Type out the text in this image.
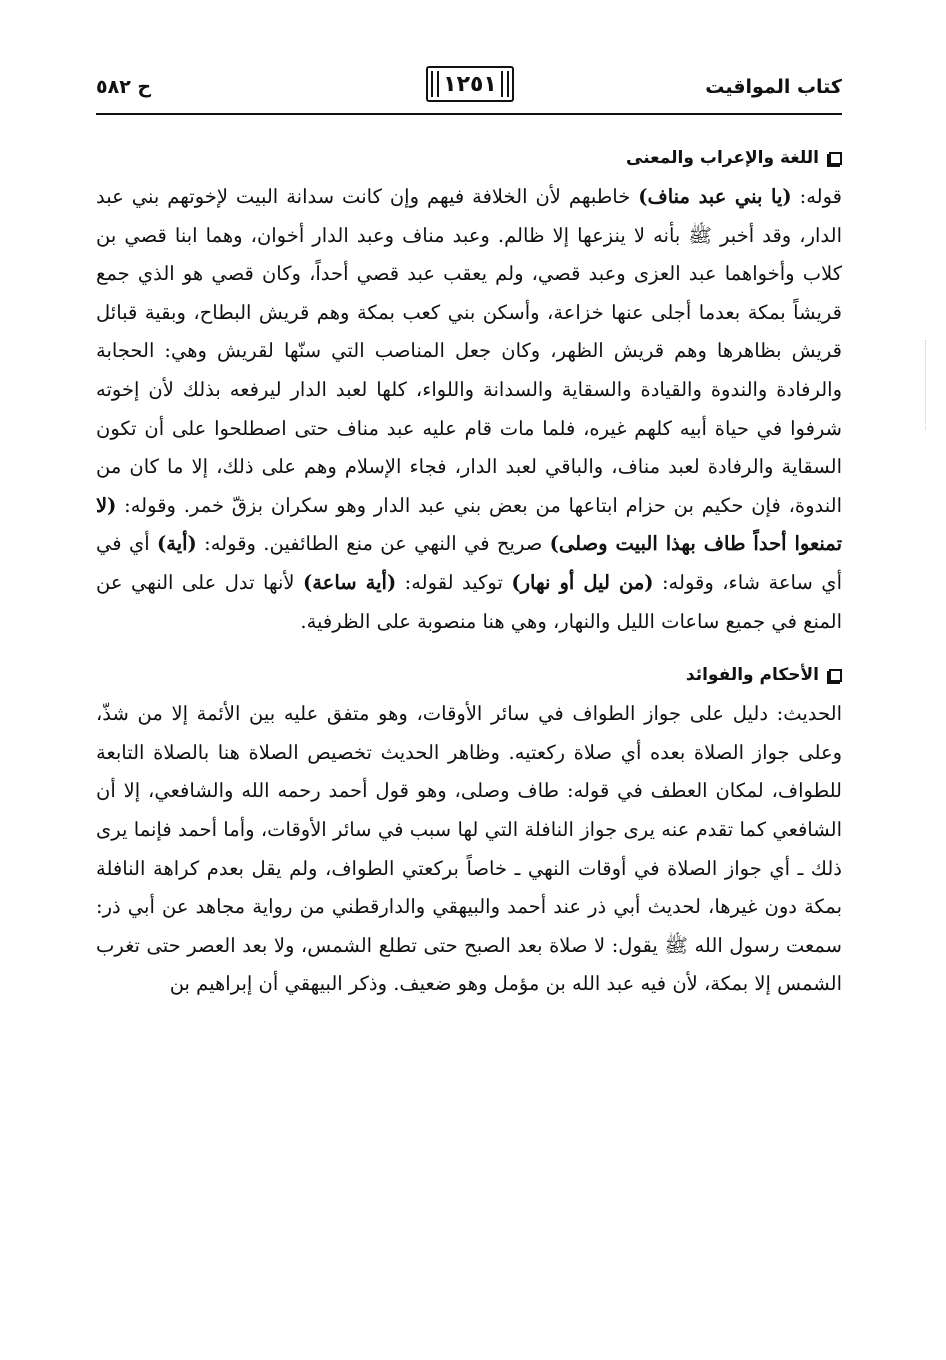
كتاب المواقيت
١٢٥١
ح ٥٨٢
اللغة والإعراب والمعنى

قوله: (يا بني عبد مناف) خاطبهم لأن الخلافة فيهم وإن كانت سدانة البيت لإخوتهم بني عبد الدار، وقد أخبر ﷺ بأنه لا ينزعها إلا ظالم. وعبد مناف وعبد الدار أخوان، وهما ابنا قصي بن كلاب وأخواهما عبد العزى وعبد قصي، ولم يعقب عبد قصي أحداً، وكان قصي هو الذي جمع قريشاً بمكة بعدما أجلى عنها خزاعة، وأسكن بني كعب بمكة وهم قريش البطاح، وبقية قبائل قريش بظاهرها وهم قريش الظهر، وكان جعل المناصب التي سنّها لقريش وهي: الحجابة والرفادة والندوة والقيادة والسقاية والسدانة واللواء، كلها لعبد الدار ليرفعه بذلك لأن إخوته شرفوا في حياة أبيه كلهم غيره، فلما مات قام عليه عبد مناف حتى اصطلحوا على أن تكون السقاية والرفادة لعبد مناف، والباقي لعبد الدار، فجاء الإسلام وهم على ذلك، إلا ما كان من الندوة، فإن حكيم بن حزام ابتاعها من بعض بني عبد الدار وهو سكران بزقّ خمر. وقوله: (لا تمنعوا أحداً طاف بهذا البيت وصلى) صريح في النهي عن منع الطائفين. وقوله: (أية) أي في أي ساعة شاء، وقوله: (من ليل أو نهار) توكيد لقوله: (أية ساعة) لأنها تدل على النهي عن المنع في جميع ساعات الليل والنهار، وهي هنا منصوبة على الظرفية.

الأحكام والفوائد

الحديث: دليل على جواز الطواف في سائر الأوقات، وهو متفق عليه بين الأئمة إلا من شذّ، وعلى جواز الصلاة بعده أي صلاة ركعتيه. وظاهر الحديث تخصيص الصلاة هنا بالصلاة التابعة للطواف، لمكان العطف في قوله: طاف وصلى، وهو قول أحمد رحمه الله والشافعي، إلا أن الشافعي كما تقدم عنه يرى جواز النافلة التي لها سبب في سائر الأوقات، وأما أحمد فإنما يرى ذلك ـ أي جواز الصلاة في أوقات النهي ـ خاصاً بركعتي الطواف، ولم يقل بعدم كراهة النافلة بمكة دون غيرها، لحديث أبي ذر عند أحمد والبيهقي والدارقطني من رواية مجاهد عن أبي ذر: سمعت رسول الله ﷺ يقول: لا صلاة بعد الصبح حتى تطلع الشمس، ولا بعد العصر حتى تغرب الشمس إلا بمكة، لأن فيه عبد الله بن مؤمل وهو ضعيف. وذكر البيهقي أن إبراهيم بن
